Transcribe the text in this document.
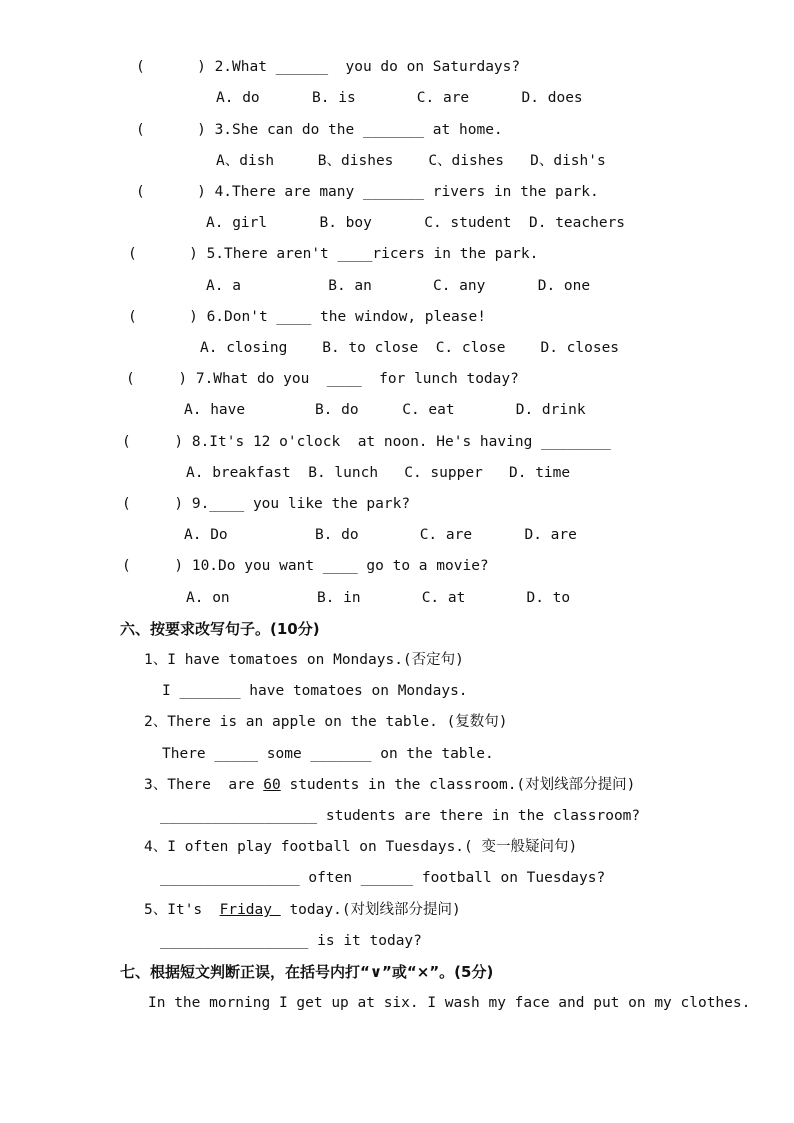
(      ) 2.What ______  you do on Saturdays?
A. do      B. is       C. are      D. does
(      ) 3.She can do the _______ at home.
A、dish     B、dishes    C、dishes   D、dish's
(      ) 4.There are many _______ rivers in the park.
A. girl      B. boy      C. student  D. teachers
(      ) 5.There aren't ____ricers in the park.
A. a          B. an       C. any      D. one
(      ) 6.Don't ____ the window, please!
A. closing    B. to close  C. close    D. closes
(     ) 7.What do you  ____  for lunch today?
A. have        B. do     C. eat       D. drink
(     ) 8.It's 12 o'clock  at noon. He's having ________
A. breakfast  B. lunch   C. supper   D. time
(     ) 9.____ you like the park?
A. Do          B. do       C. are      D. are
(     ) 10.Do you want ____ go to a movie?
A. on          B. in       C. at       D. to
六、按要求改写句子。(10分)
1、I have tomatoes on Mondays.(否定句)
I _______ have tomatoes on Mondays.
2、There is an apple on the table. (复数句)
There _____ some _______ on the table.
3、There  are 60 students in the classroom.(对划线部分提问)
__________________ students are there in the classroom?
4、I often play football on Tuesdays.( 变一般疑问句)
________________ often ______ football on Tuesdays?
5、It's  Friday  today.(对划线部分提问)
_________________ is it today?
七、根据短文判断正误，在括号内打“∨”或“×”。(5分)
In the morning I get up at six. I wash my face and put on my clothes.
